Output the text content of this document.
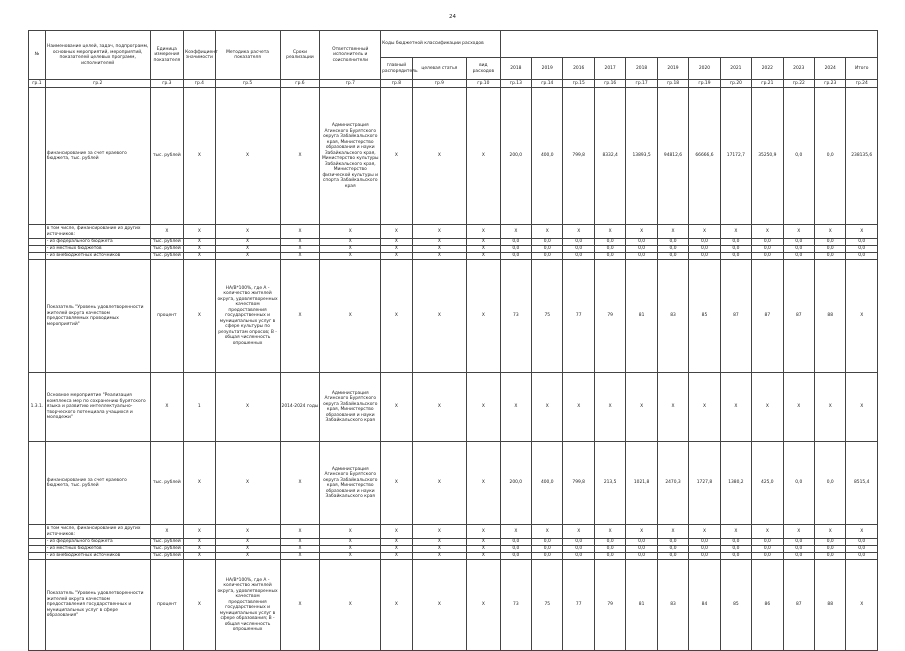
24
№	Наименование целей, задач, подпрограмм, основных мероприятий, мероприятий, показателей целевых программ, исполнителей	Единица измерения показателя	Коэффициент значимости	Методика расчета показателя	Сроки реализации	Ответственный исполнитель и соисполнители	Коды бюджетной классификации расходов														
							главный распорядитель	целевая статья	вид расходов	2018	2019	2016	2017	2018	2019	2020	2021	2022	2023	2024	Итого
гр.1	гр.2	гр.3	гр.4	гр.5	гр.6	гр.7	гр.8	гр.9	гр.10	гр.13	гр.14	гр.15	гр.16	гр.17	гр.18	гр.19	гр.20	гр.21	гр.22	гр.23	гр.24
	финансирование за счет краевого бюджета, тыс. рублей	тыс. рублей	Х	Х	Х	Администрация Агинского Бурятского округа Забайкальского края, Министерство образования и науки Забайкальского края, Министерство культуры Забайкальского края, Министерство физической культуры и спорта Забайкальского края	Х	Х	Х	200,0	400,0	799,8	8332,4	13893,5	94812,6	66666,6	17172,7	35250,9	0,0	0,0	238135,6
	в том числе, финансирование из других источников:	Х	Х	Х	Х	Х	Х	Х	Х	Х	Х	Х	Х	Х	Х	Х	Х	Х	Х	Х	Х
	- из федерального бюджета	тыс. рублей	Х	Х	Х	Х	Х	Х	Х	0,0	0,0	0,0	0,0	0,0	0,0	0,0	0,0	0,0	0,0	0,0	0,0
	- из местных бюджетов	тыс. рублей	Х	Х	Х	Х	Х	Х	Х	0,0	0,0	0,0	0,0	0,0	0,0	0,0	0,0	0,0	0,0	0,0	0,0
	- из внебюджетных источников	тыс. рублей	Х	Х	Х	Х	Х	Х	Х	0,0	0,0	0,0	0,0	0,0	0,0	0,0	0,0	0,0	0,0	0,0	0,0
	Показатель "Уровень удовлетворенности жителей округа качеством предоставляемых проводимых мероприятий"	процент	Х	НА/В*100%, где А - количество жителей округа, удовлетворенных качеством предоставления государственных и муниципальных услуг в сфере культуры по результатам опросов; В - общая численность опрошенных	Х	Х	Х	Х	Х	73	75	77	79	81	83	85	87	87	87	88	Х
1.3.1.	Основное мероприятие "Реализация комплекса мер по сохранению бурятского языка и развитию интеллектуально-творческого потенциала учащихся и молодежи"	Х	1	Х	2014-2024 годы	Администрация Агинского Бурятского округа Забайкальского края, Министерство образования и науки Забайкальского края	Х	Х	Х	Х	Х	Х	Х	Х	Х	Х	Х	Х	Х	Х	Х
	финансирование за счет краевого бюджета, тыс. рублей	тыс. рублей	Х	Х	Х	Администрация Агинского Бурятского округа Забайкальского края, Министерство образования и науки Забайкальского края	Х	Х	Х	200,0	400,0	799,8	213,5	1021,8	2470,3	1727,8	1380,2	425,0	0,0	0,0	8515,4
	в том числе, финансирование из других источников:	Х	Х	Х	Х	Х	Х	Х	Х	Х	Х	Х	Х	Х	Х	Х	Х	Х	Х	Х	Х
	- из федерального бюджета	тыс. рублей	Х	Х	Х	Х	Х	Х	Х	0,0	0,0	0,0	0,0	0,0	0,0	0,0	0,0	0,0	0,0	0,0	0,0
	- из местных бюджетов	тыс. рублей	Х	Х	Х	Х	Х	Х	Х	0,0	0,0	0,0	0,0	0,0	0,0	0,0	0,0	0,0	0,0	0,0	0,0
	- из внебюджетных источников	тыс. рублей	Х	Х	Х	Х	Х	Х	Х	0,0	0,0	0,0	0,0	0,0	0,0	0,0	0,0	0,0	0,0	0,0	0,0
	Показатель "Уровень удовлетворенности жителей округа качеством предоставления государственных и муниципальных услуг в сфере образования"	процент	Х	НА/В*100%, где А - количество жителей округа, удовлетворенных качеством предоставления государственных и муниципальных услуг в сфере образования; В - общая численность опрошенных	Х	Х	Х	Х	Х	73	75	77	79	81	83	84	85	86	87	88	Х
